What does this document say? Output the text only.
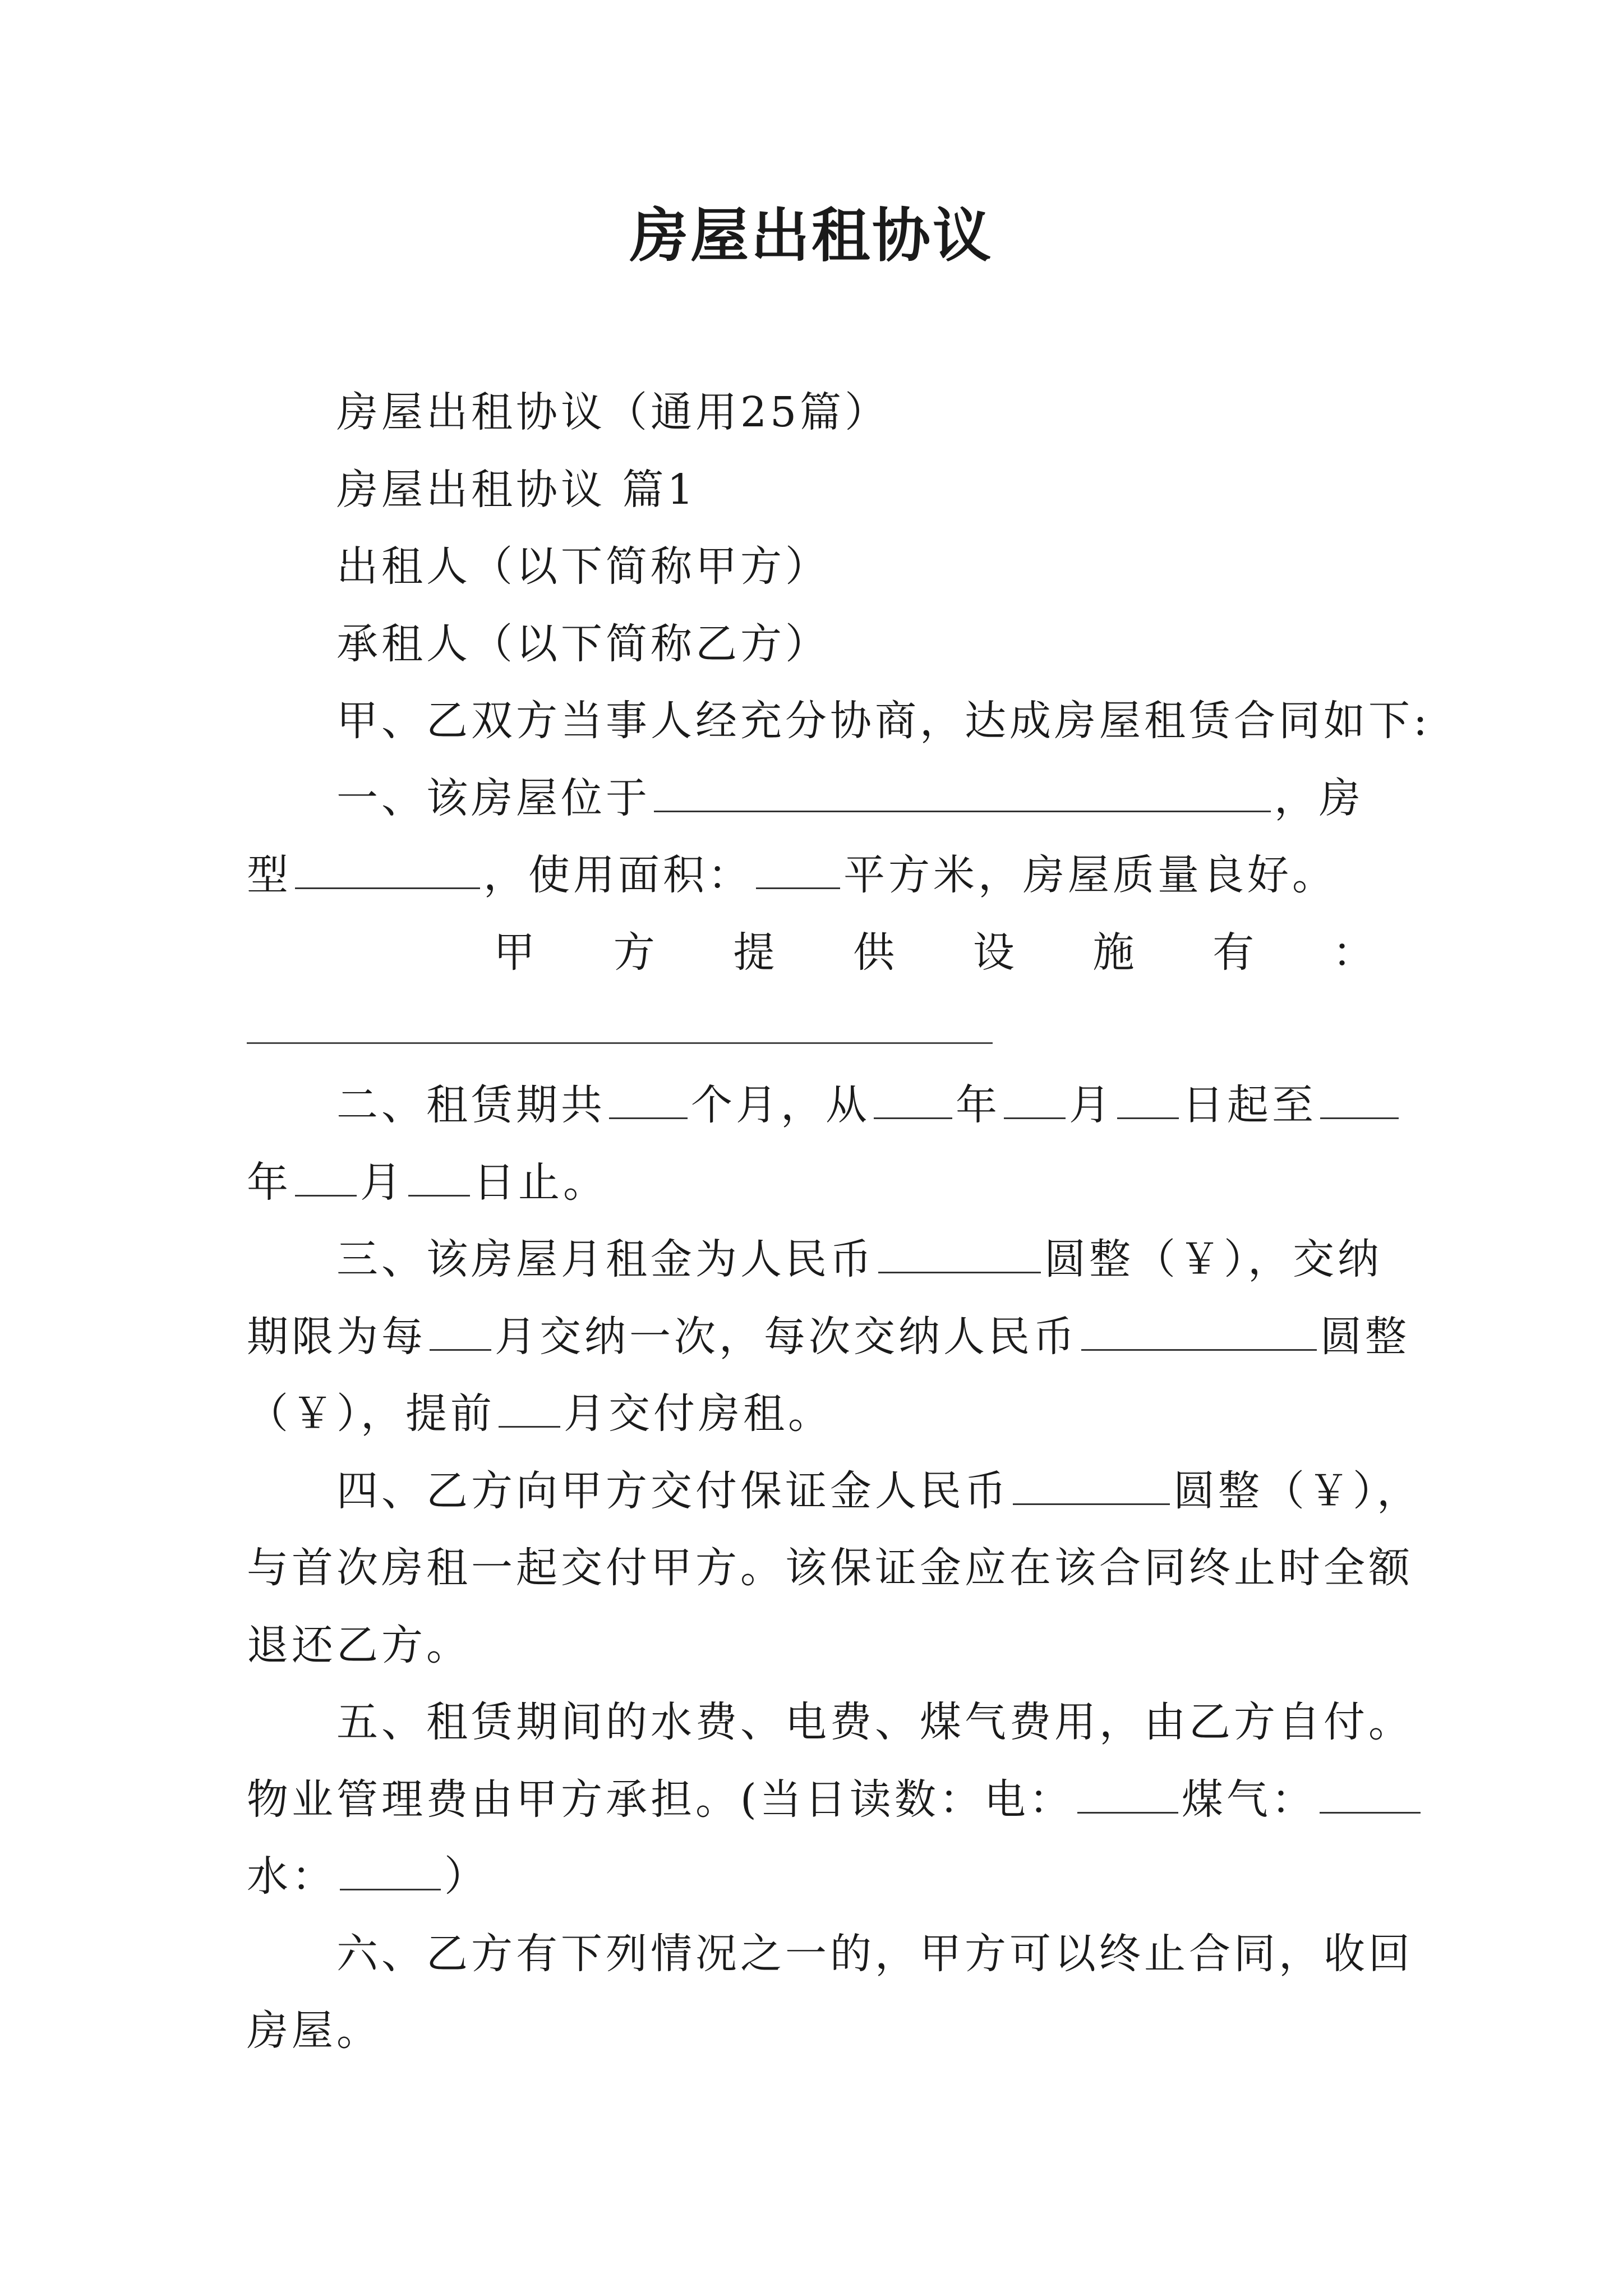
房屋出租协议
房屋出租协议（通用25篇）
房屋出租协议 篇1
出租人（以下简称甲方）
承租人（以下简称乙方）
甲、乙双方当事人经充分协商，达成房屋租赁合同如下:
一、该房屋位于	，房
型	，使用面积： 平方米，房屋质量良好。
甲 方 提 供 设 施 有 ：
二、租赁期共 个月，从 年 月 日起至
年 月 日止。
三、该房屋月租金为人民币	圆整（￥），交纳
期限为每 月交纳一次，每次交纳人民币	圆整
（￥），提前 月交付房租。
四、乙方向甲方交付保证金人民币	圆整（￥），
与首次房租一起交付甲方。该保证金应在该合同终止时全额
退还乙方。
五、租赁期间的水费、电费、煤气费用，由乙方自付。
物业管理费由甲方承担。(当日读数：电：	煤气：
水：	）
六、乙方有下列情况之一的，甲方可以终止合同，收回
房屋。
